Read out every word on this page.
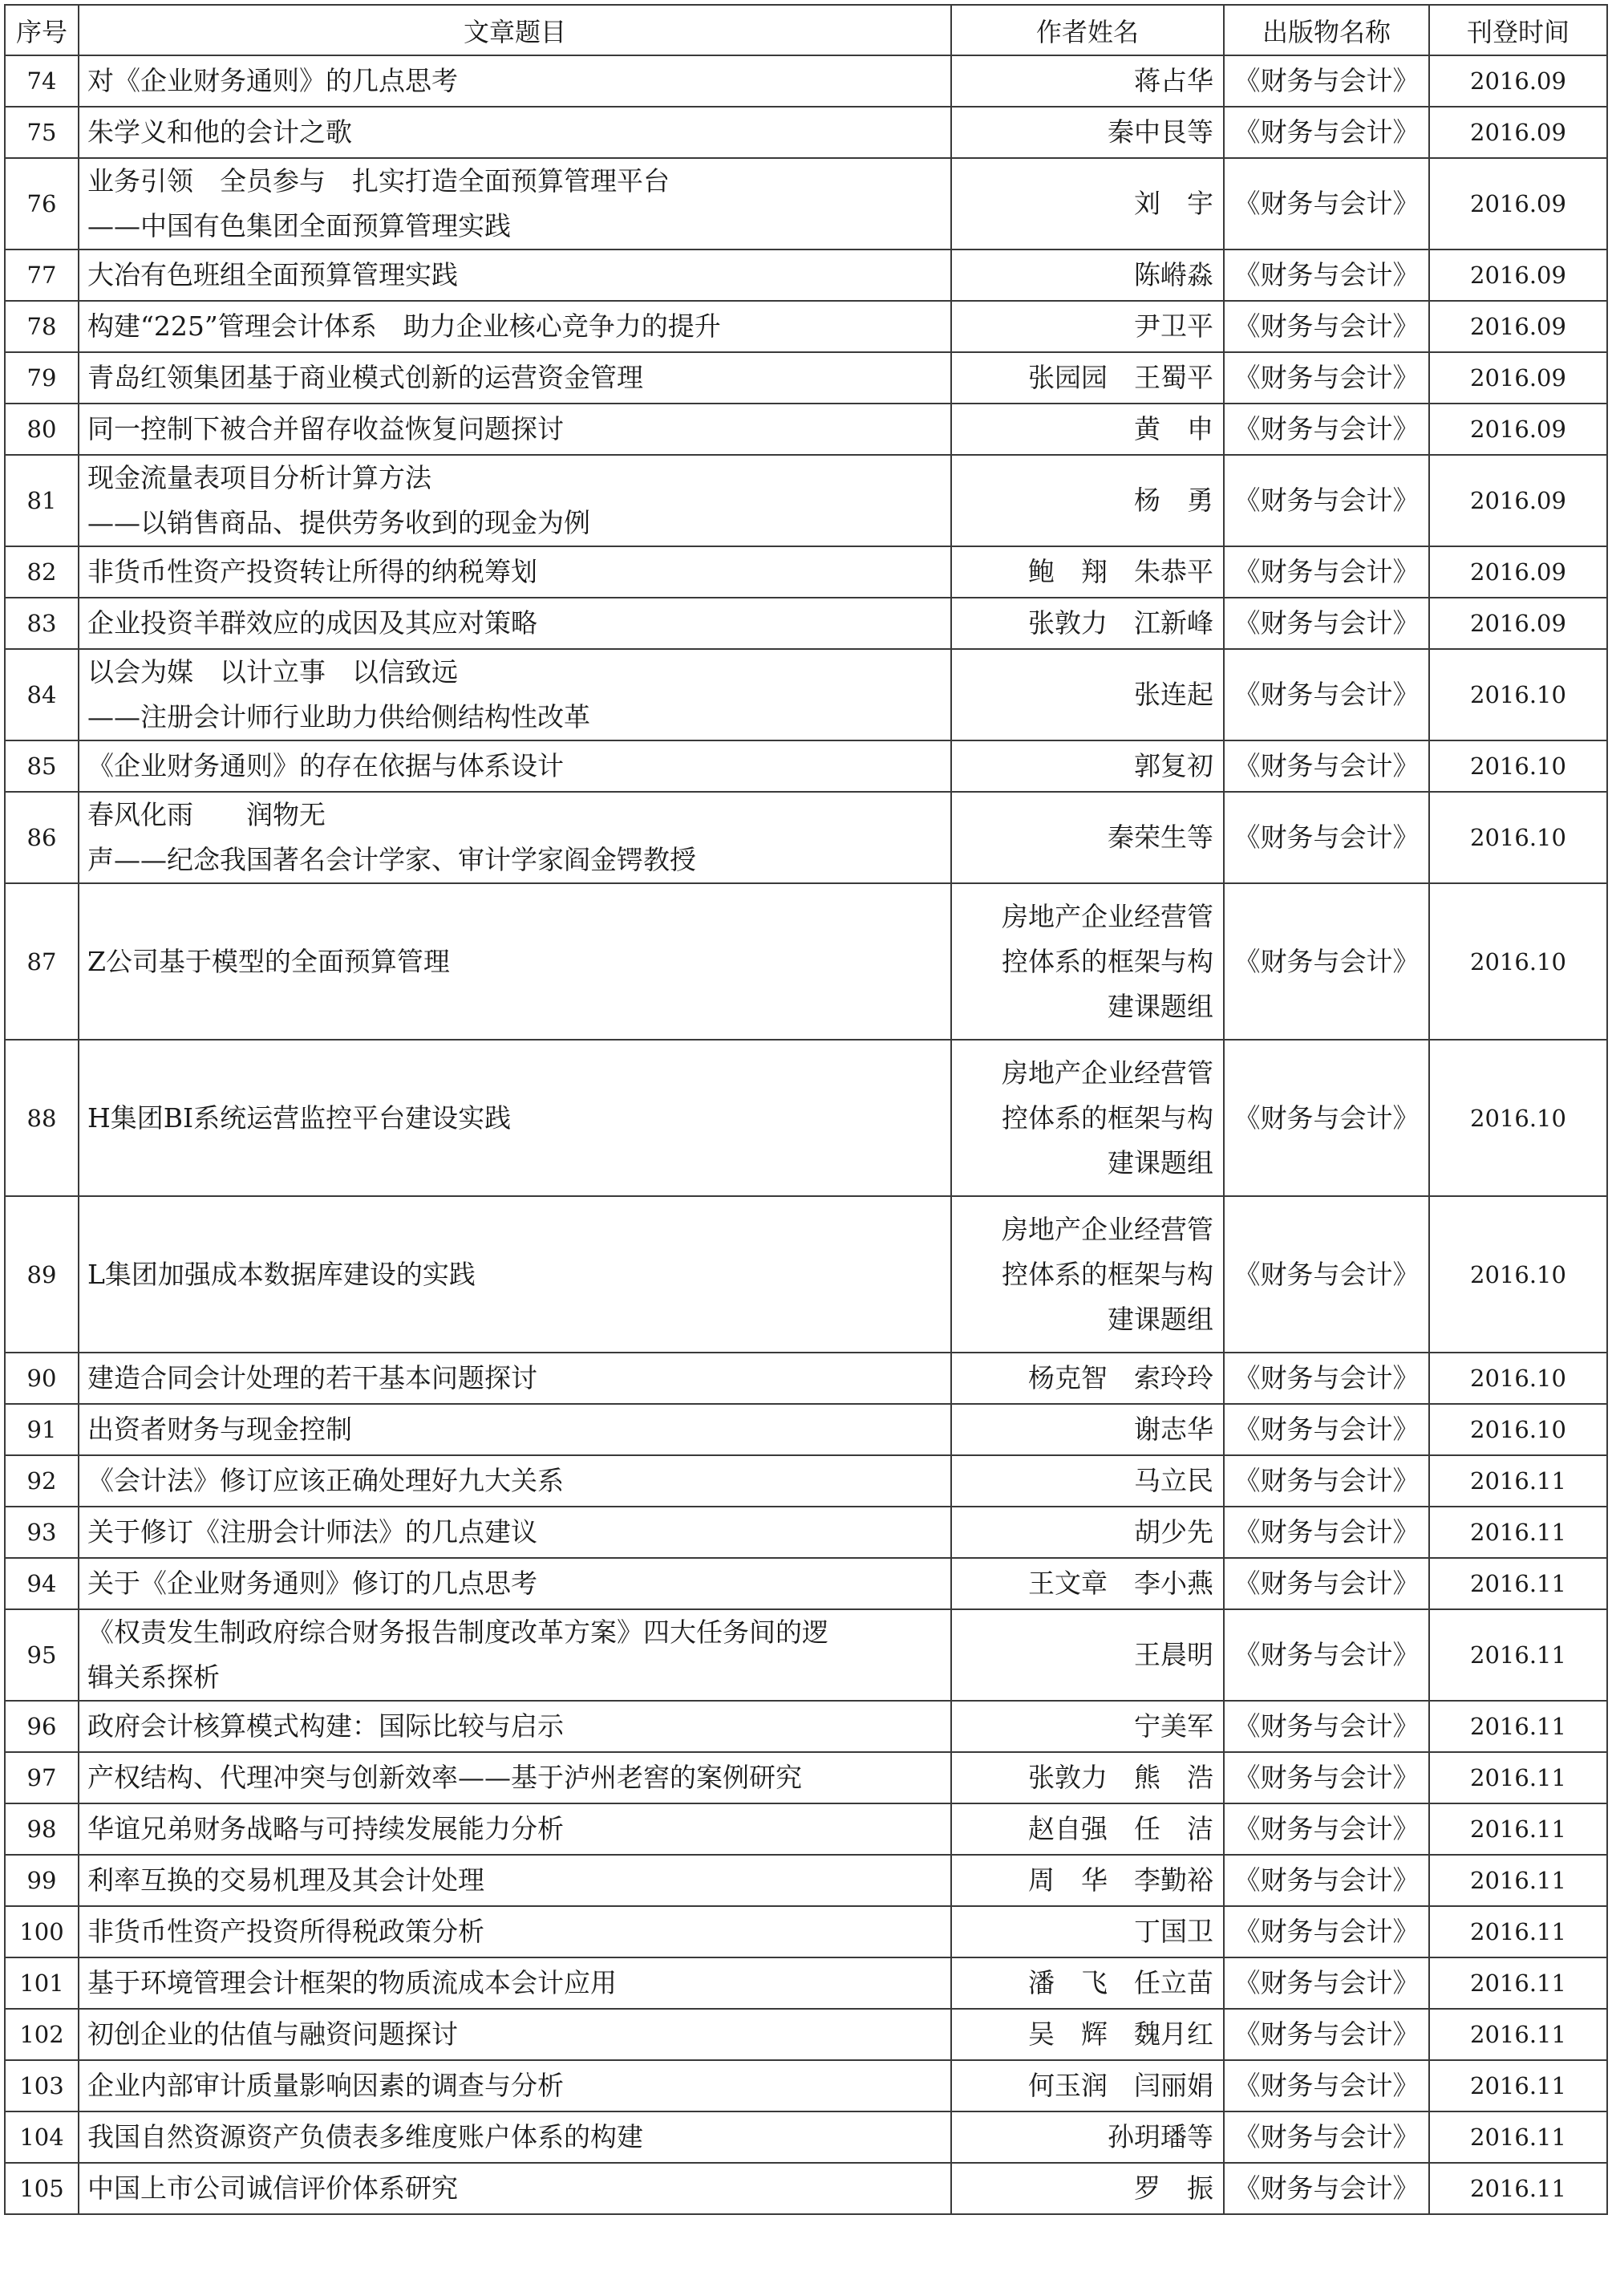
序号	文章题目	作者姓名	出版物名称	刊登时间
74	对《企业财务通则》的几点思考	蒋占华	《财务与会计》	2016.09
75	朱学义和他的会计之歌	秦中艮等	《财务与会计》	2016.09
76	业务引领　全员参与　扎实打造全面预算管理平台
——中国有色集团全面预算管理实践	刘　宇	《财务与会计》	2016.09
77	大冶有色班组全面预算管理实践	陈崻淼	《财务与会计》	2016.09
78	构建“225”管理会计体系　助力企业核心竞争力的提升	尹卫平	《财务与会计》	2016.09
79	青岛红领集团基于商业模式创新的运营资金管理	张园园　王蜀平	《财务与会计》	2016.09
80	同一控制下被合并留存收益恢复问题探讨	黄　申	《财务与会计》	2016.09
81	现金流量表项目分析计算方法
——以销售商品、提供劳务收到的现金为例	杨　勇	《财务与会计》	2016.09
82	非货币性资产投资转让所得的纳税筹划	鲍　翔　朱恭平	《财务与会计》	2016.09
83	企业投资羊群效应的成因及其应对策略	张敦力　江新峰	《财务与会计》	2016.09
84	以会为媒　以计立事　以信致远
——注册会计师行业助力供给侧结构性改革	张连起	《财务与会计》	2016.10
85	《企业财务通则》的存在依据与体系设计	郭复初	《财务与会计》	2016.10
86	春风化雨　　润物无
声——纪念我国著名会计学家、审计学家阎金锷教授	秦荣生等	《财务与会计》	2016.10
87	Z公司基于模型的全面预算管理	房地产企业经营管
控体系的框架与构
建课题组	《财务与会计》	2016.10
88	H集团BI系统运营监控平台建设实践	房地产企业经营管
控体系的框架与构
建课题组	《财务与会计》	2016.10
89	L集团加强成本数据库建设的实践	房地产企业经营管
控体系的框架与构
建课题组	《财务与会计》	2016.10
90	建造合同会计处理的若干基本问题探讨	杨克智　索玲玲	《财务与会计》	2016.10
91	出资者财务与现金控制	谢志华	《财务与会计》	2016.10
92	《会计法》修订应该正确处理好九大关系	马立民	《财务与会计》	2016.11
93	关于修订《注册会计师法》的几点建议	胡少先	《财务与会计》	2016.11
94	关于《企业财务通则》修订的几点思考	王文章　李小燕	《财务与会计》	2016.11
95	《权责发生制政府综合财务报告制度改革方案》四大任务间的逻
辑关系探析	王晨明	《财务与会计》	2016.11
96	政府会计核算模式构建：国际比较与启示	宁美军	《财务与会计》	2016.11
97	产权结构、代理冲突与创新效率——基于泸州老窖的案例研究	张敦力　熊　浩	《财务与会计》	2016.11
98	华谊兄弟财务战略与可持续发展能力分析	赵自强　任　洁	《财务与会计》	2016.11
99	利率互换的交易机理及其会计处理	周　华　李勤裕	《财务与会计》	2016.11
100	非货币性资产投资所得税政策分析	丁国卫	《财务与会计》	2016.11
101	基于环境管理会计框架的物质流成本会计应用	潘　飞　任立苗	《财务与会计》	2016.11
102	初创企业的估值与融资问题探讨	吴　辉　魏月红	《财务与会计》	2016.11
103	企业内部审计质量影响因素的调查与分析	何玉润　闫丽娟	《财务与会计》	2016.11
104	我国自然资源资产负债表多维度账户体系的构建	孙玥璠等	《财务与会计》	2016.11
105	中国上市公司诚信评价体系研究	罗　振	《财务与会计》	2016.11
